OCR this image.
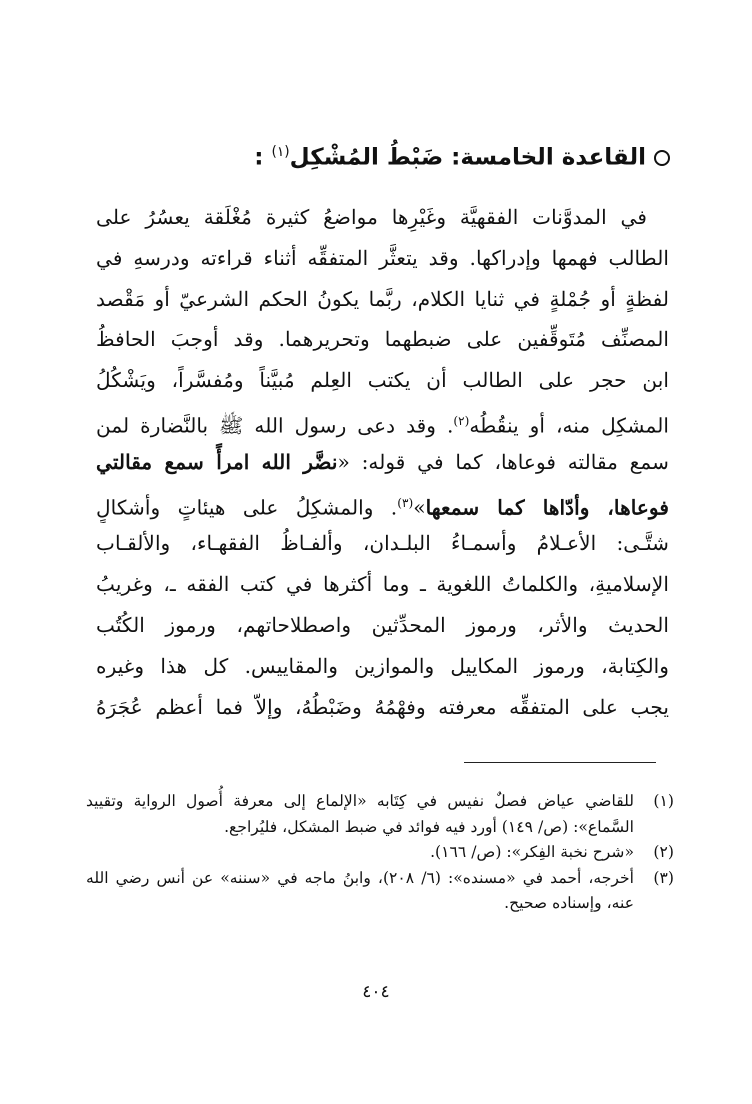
القاعدة الخامسة: ضَبْطُ المُشْكِل$^{(١)}$ :
في المدوَّنات الفقهيَّة وغَيْرِها مواضعُ كثيرة مُغْلَقة يعسُرُ على
الطالب فهمها وإدراكها. وقد يتعثَّر المتفقِّه أثناء قراءته ودرسهِ في
لفظةٍ أو جُمْلةٍ في ثنايا الكلام، ربَّما يكونُ الحكم الشرعيّ أو مَقْصد
المصنِّف مُتَوقِّفين على ضبطهما وتحريرهما. وقد أوجبَ الحافظُ
ابن حجر على الطالب أن يكتب العِلم مُبيَّناً ومُفسَّراً، ويَشْكُلُ
المشكِل منه، أو ينقُطُه$^{(٢)}$. وقد دعى رسول الله ﷺ بالنَّضارة لمن
سمع مقالته فوعاها، كما في قوله: «نضَّر الله امرأً سمع مقالتي
فوعاها، وأدّاها كما سمعها»$^{(٣)}$. والمشكِلُ على هيئاتٍ وأشكالٍ
شتَّـى: الأعـلامُ وأسمـاءُ البلـدان، وألفـاظُ الفقهـاء، والألقـاب
الإسلاميةِ، والكلماتُ اللغوية ـ وما أكثرها في كتب الفقه ـ، وغريبُ
الحديث والأثر، ورموز المحدِّثين واصطلاحاتهم، ورموز الكُتُب
والكِتابة، ورموز المكاييل والموازين والمقاييس. كل هذا وغيره
يجب على المتفقِّه معرفته وفهْمُهُ وضَبْطُهُ، وإلاّ فما أعظم عُجَرَهُ
(١)

للقاضي عياض فصلٌ نفيس في كِتَابه «الإلماع إلى معرفة أُصول الرواية وتقييد السَّماع»: (ص/ ١٤٩) أورد فيه فوائد في ضبط المشكل، فليُراجع.

(٢)

«شرح نخبة الفِكر»: (ص/ ١٦٦).

(٣)

أخرجه، أحمد في «مسنده»: (٦/ ٢٠٨)، وابنُ ماجه في «سننه» عن أنس رضي الله عنه، وإسناده صحيح.

٤٠٤
